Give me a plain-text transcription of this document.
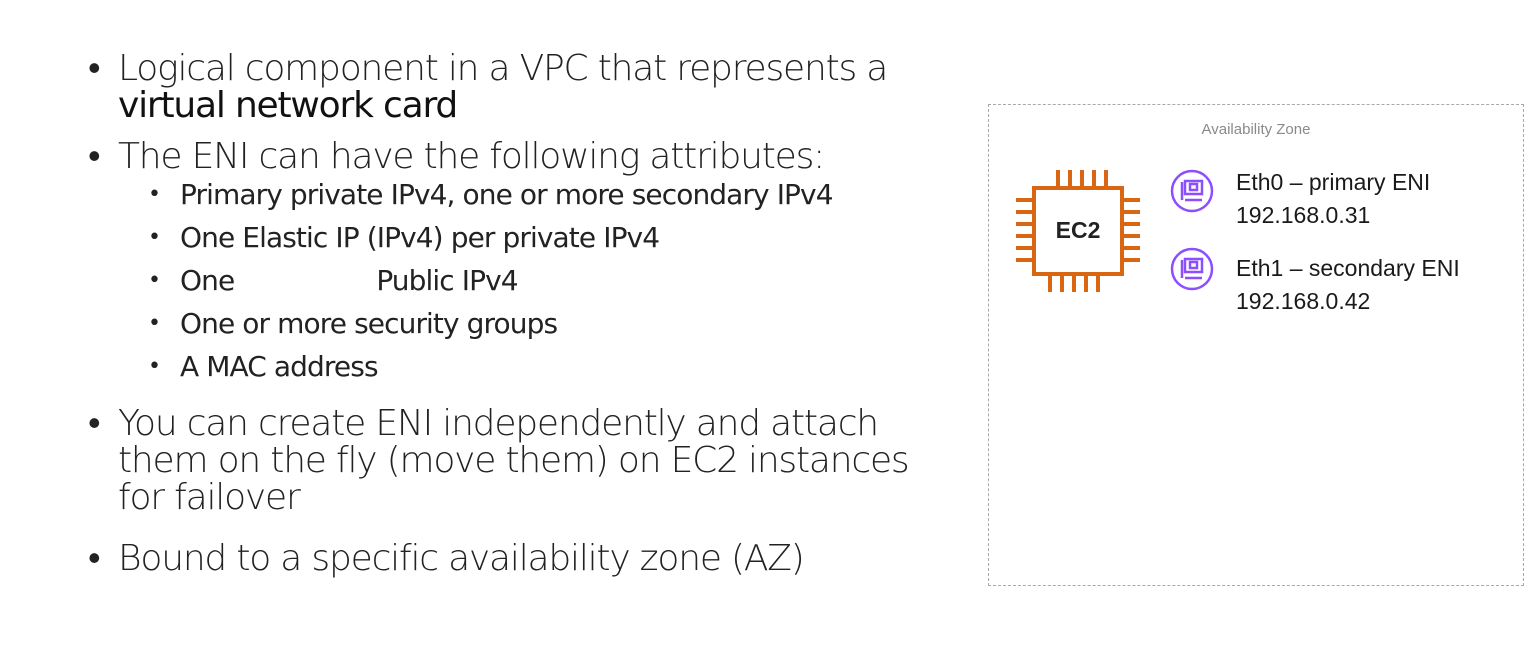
• Logical component in a VPC that represents a
virtual network card
• The ENI can have the following attributes:
• Primary private IPv4, one or more secondary IPv4
• One Elastic IP (IPv4) per private IPv4
• One	Public IPv4
• One or more security groups
• A MAC address
• You can create ENI independently and attach
them on the fly (move them) on EC2 instances
for failover
• Bound to a specific availability zone (AZ)
Availability Zone
EC2
Eth0 – primary ENI
192.168.0.31
Eth1 – secondary ENI
192.168.0.42
